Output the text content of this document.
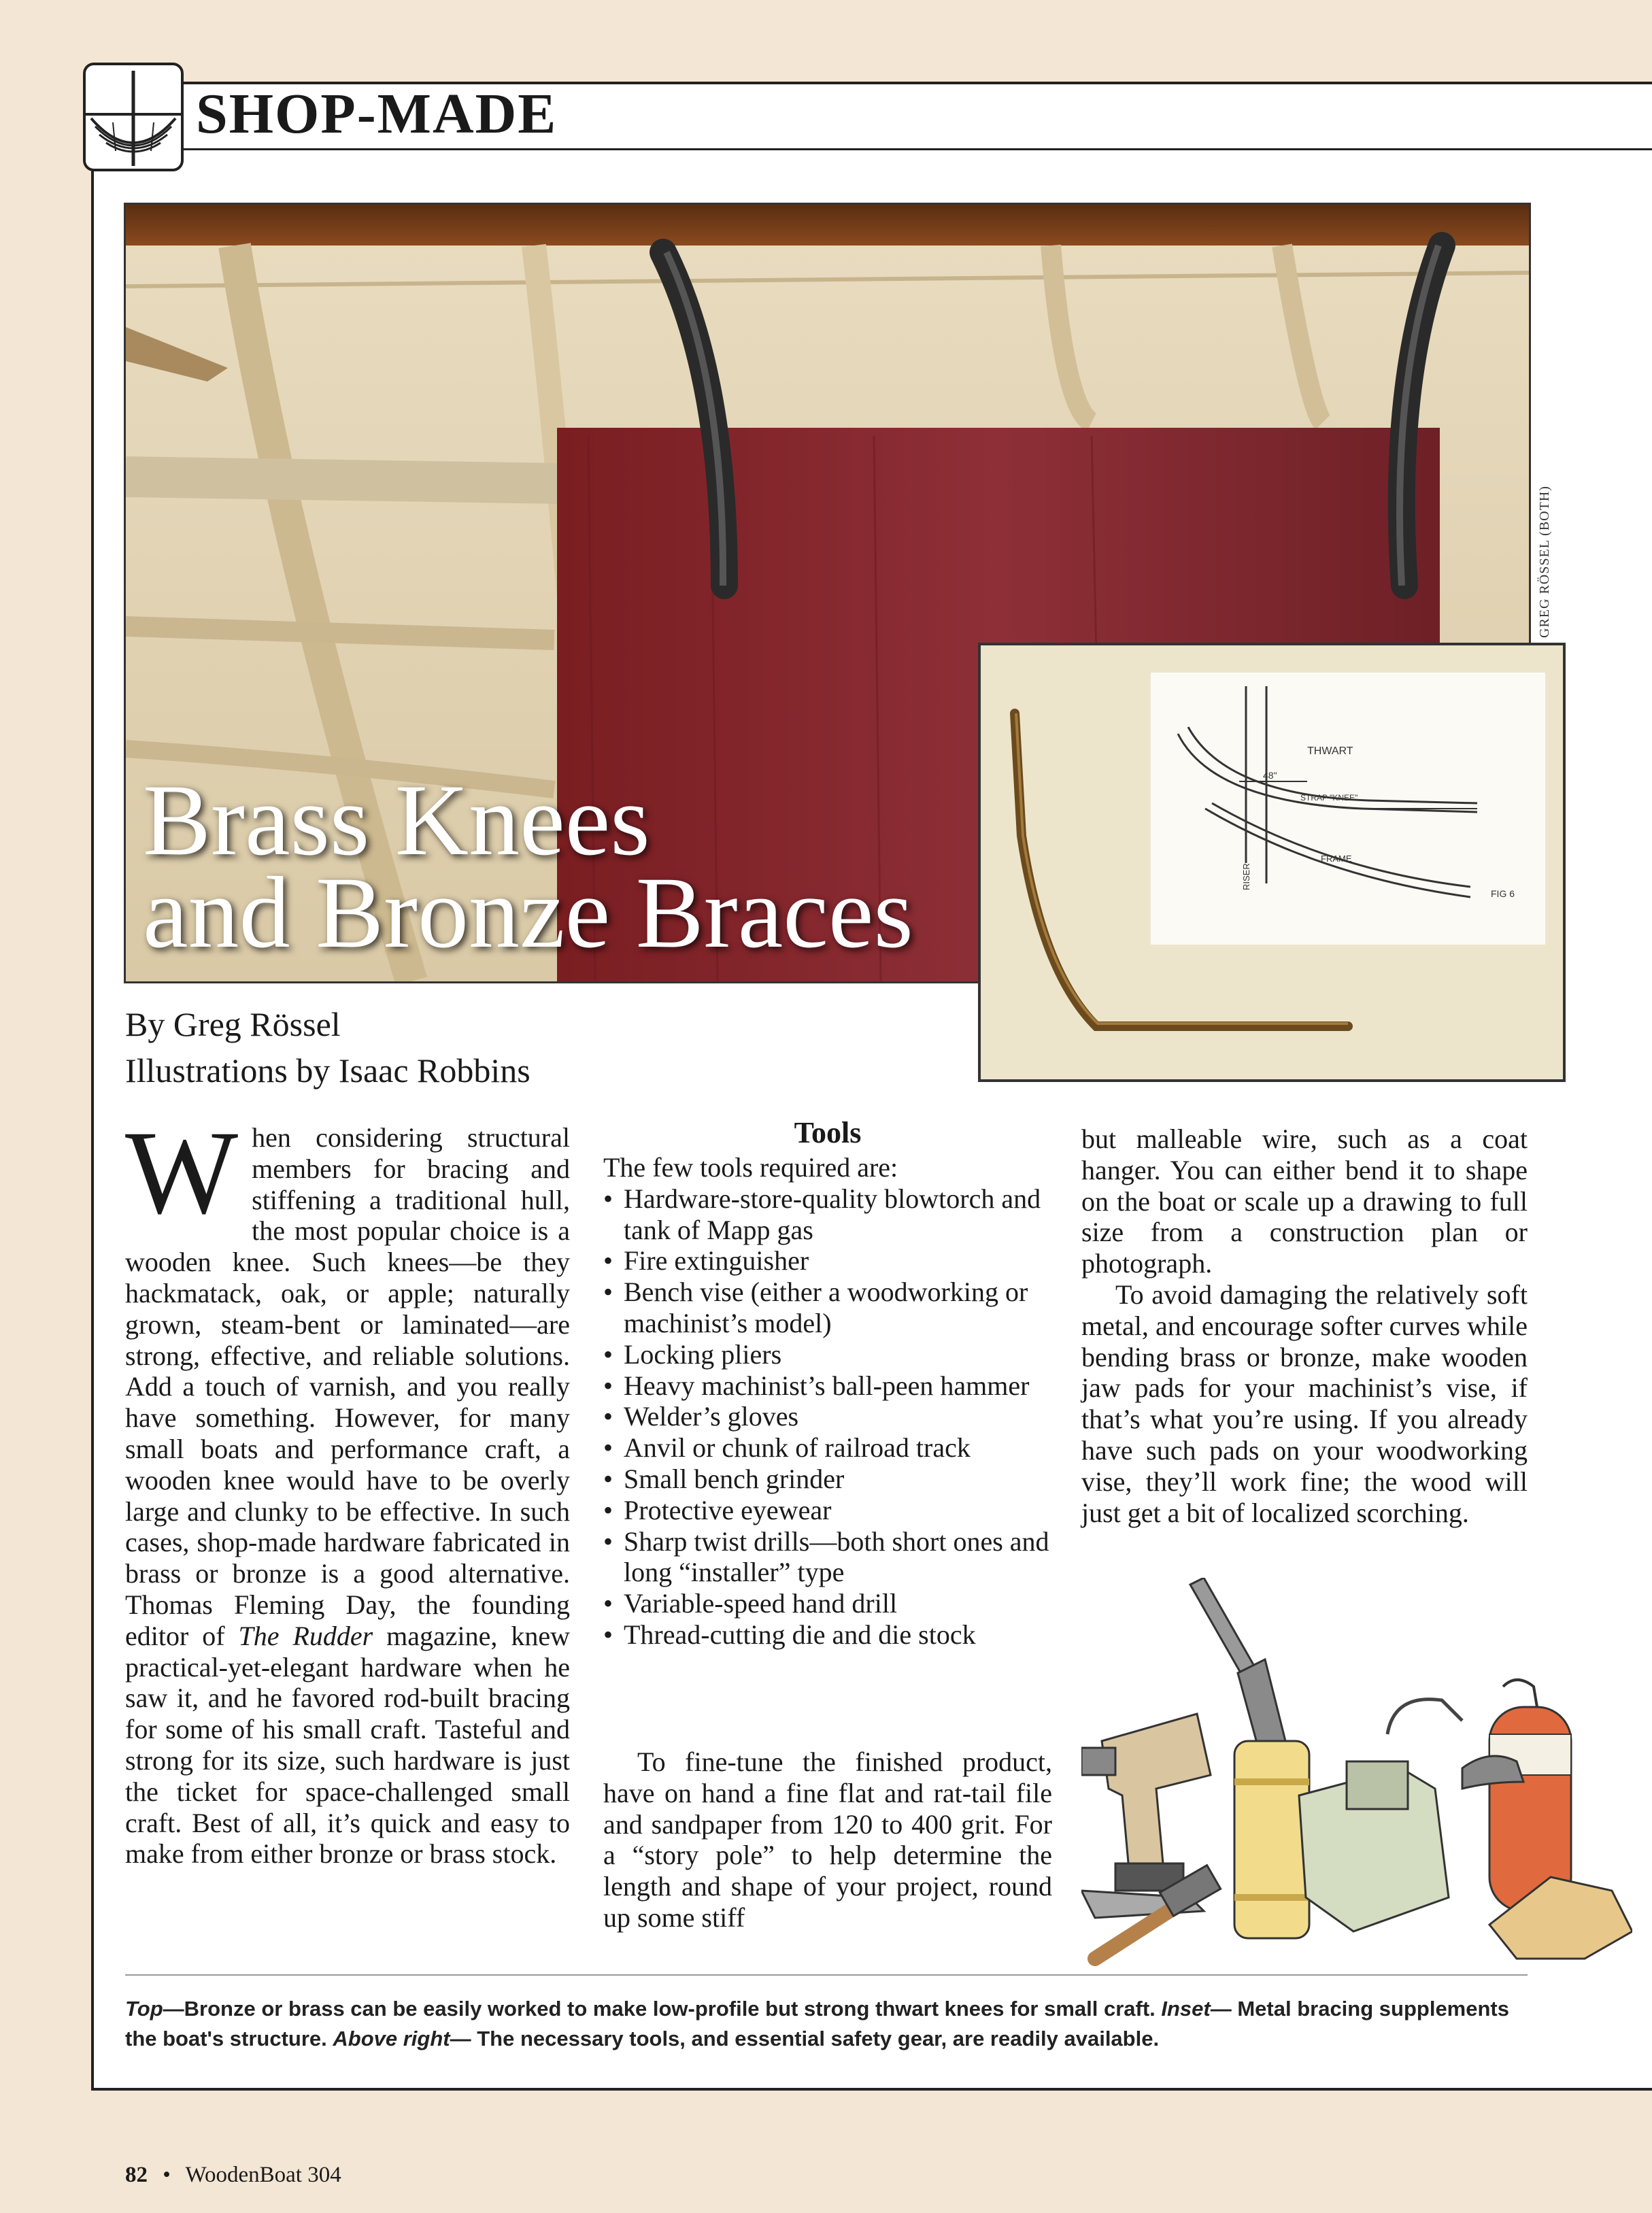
SHOP-MADE
Brass Knees
and Bronze Braces
GREG RÖSSEL (BOTH)
THWART
48"
STRAP "KNEE"
RISER
FRAME
FIG 6
By Greg Rössel
Illustrations by Isaac Robbins

When considering structural members for bracing and stiffening a traditional hull, the most popular choice is a wooden knee. Such knees—be they hackmatack, oak, or apple; naturally grown, steam-bent or laminated—are strong, effective, and reliable solutions. Add a touch of varnish, and you really have something. However, for many small boats and performance craft, a wooden knee would have to be overly large and clunky to be effective. In such cases, shop-made hardware fabricated in brass or bronze is a good alternative. Thomas Fleming Day, the founding editor of The Rudder magazine, knew practical-yet-elegant hardware when he saw it, and he favored rod-built bracing for some of his small craft. Tasteful and strong for its size, such hardware is just the ticket for space-challenged small craft. Best of all, it’s quick and easy to make from either bronze or brass stock.

Tools
The few tools required are:
• Hardware-store-quality blowtorch and tank of Mapp gas
• Fire extinguisher
• Bench vise (either a woodworking or machinist’s model)
• Locking pliers
• Heavy machinist’s ball-peen hammer
• Welder’s gloves
• Anvil or chunk of railroad track
• Small bench grinder
• Protective eyewear
• Sharp twist drills—both short ones and long “installer” type
• Variable-speed hand drill
• Thread-cutting die and die stock

To fine-tune the finished product, have on hand a fine flat and rat-tail file and sandpaper from 120 to 400 grit. For a “story pole” to help determine the length and shape of your project, round up some stiff

but malleable wire, such as a coat hanger. You can either bend it to shape on the boat or scale up a drawing to full size from a construction plan or photograph.

To avoid damaging the relatively soft metal, and encourage softer curves while bending brass or bronze, make wooden jaw pads for your machinist’s vise, if that’s what you’re using. If you already have such pads on your woodworking vise, they’ll work fine; the wood will just get a bit of localized scorching.

Top—Bronze or brass can be easily worked to make low-profile but strong thwart knees for small craft. Inset— Metal bracing supplements the boat's structure. Above right— The necessary tools, and essential safety gear, are readily available.
82 • WoodenBoat 304
